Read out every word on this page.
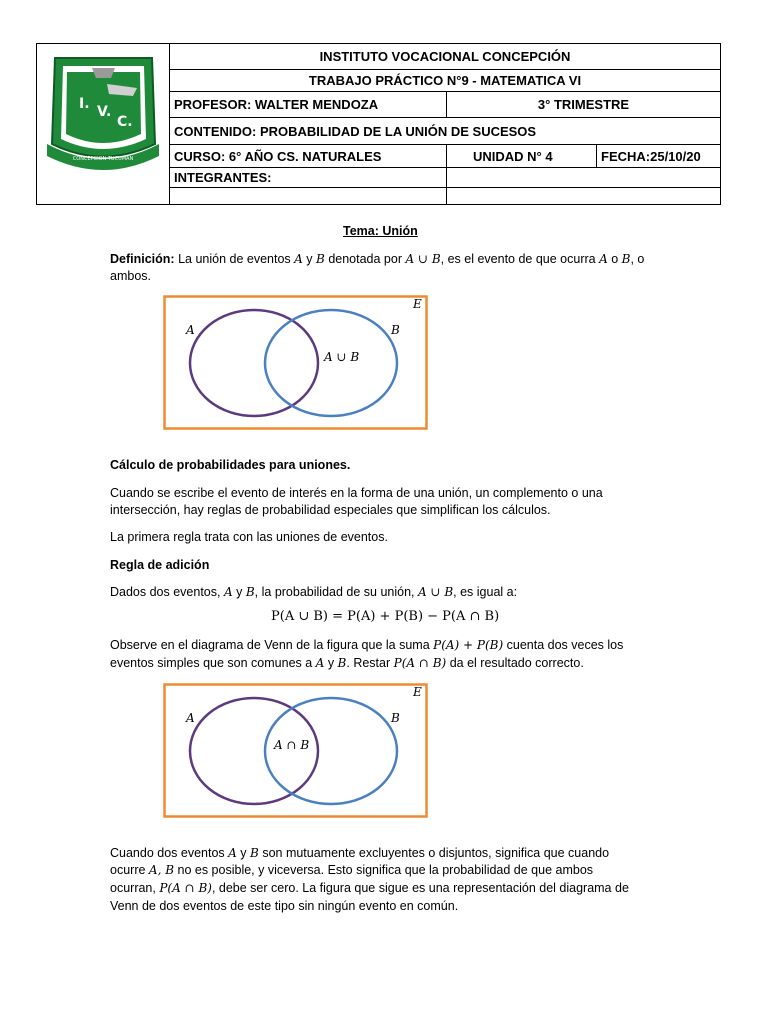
I. V.
C.
CONCEPCION TUCUMAN
INSTITUTO VOCACIONAL CONCEPCIÓN
TRABAJO PRÁCTICO N°9 - MATEMATICA VI
PROFESOR: WALTER MENDOZA	3° TRIMESTRE
CONTENIDO: PROBABILIDAD DE LA UNIÓN DE SUCESOS
CURSO: 6° AÑO CS. NATURALES	UNIDAD N° 4	FECHA:25/10/20
INTEGRANTES:
Tema: Unión
Definición: La unión de eventos A y B denotada por A ∪ B, es el evento de que ocurra A o B, o
ambos.
E
A	B
A ∪ B
Cálculo de probabilidades para uniones.
Cuando se escribe el evento de interés en la forma de una unión, un complemento o una
intersección, hay reglas de probabilidad especiales que simplifican los cálculos.
La primera regla trata con las uniones de eventos.
Regla de adición
Dados dos eventos, A y B, la probabilidad de su unión, A ∪ B, es igual a:
P(A ∪ B) = P(A) + P(B) − P(A ∩ B)
Observe en el diagrama de Venn de la figura que la suma P(A) + P(B) cuenta dos veces los
eventos simples que son comunes a A y B. Restar P(A ∩ B) da el resultado correcto.
E
A	B
A ∩ B
Cuando dos eventos A y B son mutuamente excluyentes o disjuntos, significa que cuando
ocurre A, B no es posible, y viceversa. Esto significa que la probabilidad de que ambos
ocurran, P(A ∩ B), debe ser cero. La figura que sigue es una representación del diagrama de
Venn de dos eventos de este tipo sin ningún evento en común.
